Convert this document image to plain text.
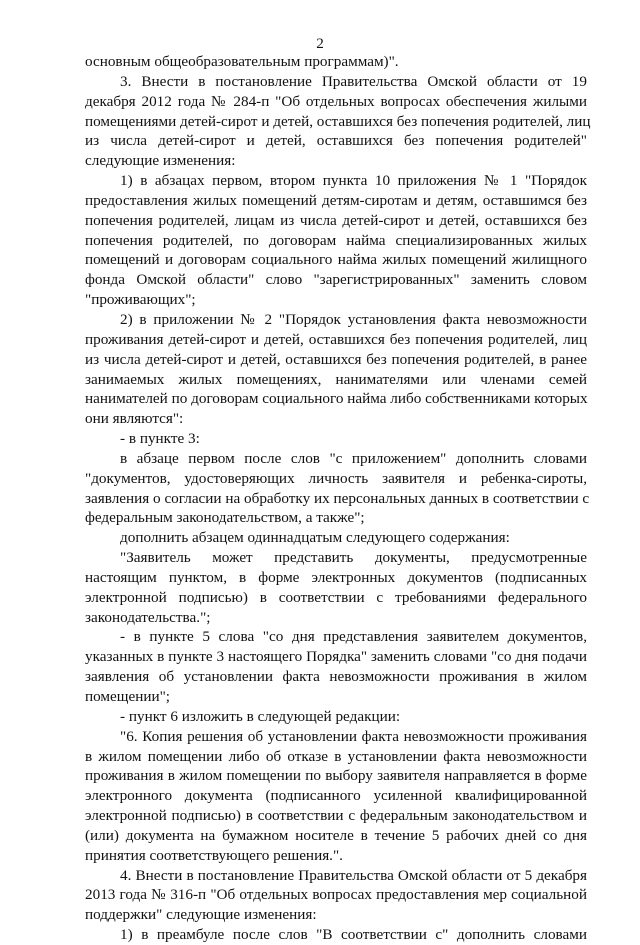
2
основным общеобразовательным программам)".
3. Внести в постановление Правительства Омской области от 19
декабря 2012 года № 284-п "Об отдельных вопросах обеспечения жилыми
помещениями детей-сирот и детей, оставшихся без попечения родителей, лиц
из числа детей-сирот и детей, оставшихся без попечения родителей"
следующие изменения:
1) в абзацах первом, втором пункта 10 приложения № 1 "Порядок
предоставления жилых помещений детям-сиротам и детям, оставшимся без
попечения родителей, лицам из числа детей-сирот и детей, оставшихся без
попечения родителей, по договорам найма специализированных жилых
помещений и договорам социального найма жилых помещений жилищного
фонда Омской области" слово "зарегистрированных" заменить словом
"проживающих";
2) в приложении № 2 "Порядок установления факта невозможности
проживания детей-сирот и детей, оставшихся без попечения родителей, лиц
из числа детей-сирот и детей, оставшихся без попечения родителей, в ранее
занимаемых жилых помещениях, нанимателями или членами семей
нанимателей по договорам социального найма либо собственниками которых
они являются":
- в пункте 3:
в абзаце первом после слов "с приложением" дополнить словами
"документов, удостоверяющих личность заявителя и ребенка-сироты,
заявления о согласии на обработку их персональных данных в соответствии с
федеральным законодательством, а также";
дополнить абзацем одиннадцатым следующего содержания:
"Заявитель может представить документы, предусмотренные
настоящим пунктом, в форме электронных документов (подписанных
электронной подписью) в соответствии с требованиями федерального
законодательства.";
- в пункте 5 слова "со дня представления заявителем документов,
указанных в пункте 3 настоящего Порядка" заменить словами "со дня подачи
заявления об установлении факта невозможности проживания в жилом
помещении";
- пункт 6 изложить в следующей редакции:
"6. Копия решения об установлении факта невозможности проживания
в жилом помещении либо об отказе в установлении факта невозможности
проживания в жилом помещении по выбору заявителя направляется в форме
электронного документа (подписанного усиленной квалифицированной
электронной подписью) в соответствии с федеральным законодательством и
(или) документа на бумажном носителе в течение 5 рабочих дней со дня
принятия соответствующего решения.".
4. Внести в постановление Правительства Омской области от 5 декабря
2013 года № 316-п "Об отдельных вопросах предоставления мер социальной
поддержки" следующие изменения:
1) в преамбуле после слов "В соответствии с" дополнить словами
